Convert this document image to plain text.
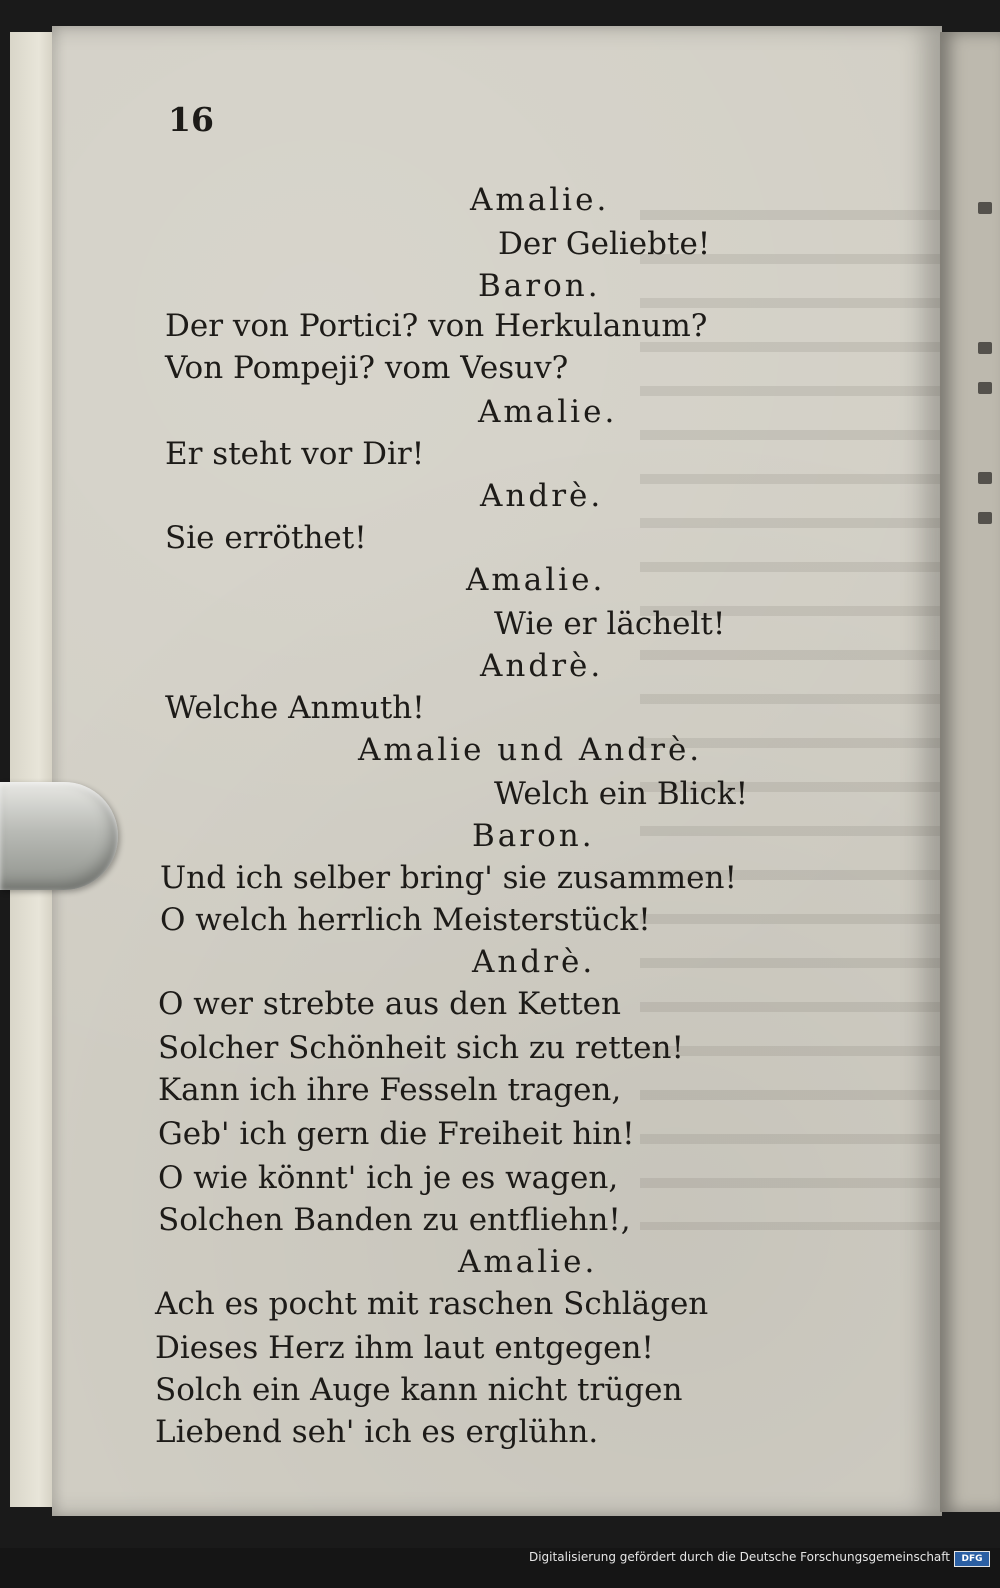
16
Amalie.
Der Geliebte!
Baron.
Der von Portici? von Herkulanum?
Von Pompeji? vom Vesuv?
Amalie.
Er steht vor Dir!
Andrè.
Sie erröthet!
Amalie.
Wie er lächelt!
Andrè.
Welche Anmuth!
Amalie und Andrè.
Welch ein Blick!
Baron.
Und ich selber bring' sie zusammen!
O welch herrlich Meisterstück!
Andrè.
O wer strebte aus den Ketten
Solcher Schönheit sich zu retten!
Kann ich ihre Fesseln tragen,
Geb' ich gern die Freiheit hin!
O wie könnt' ich je es wagen,
Solchen Banden zu entfliehn!,
Amalie.
Ach es pocht mit raschen Schlägen
Dieses Herz ihm laut entgegen!
Solch ein Auge kann nicht trügen
Liebend seh' ich es erglühn.
Digitalisierung gefördert durch die Deutsche Forschungsgemeinschaft DFG
